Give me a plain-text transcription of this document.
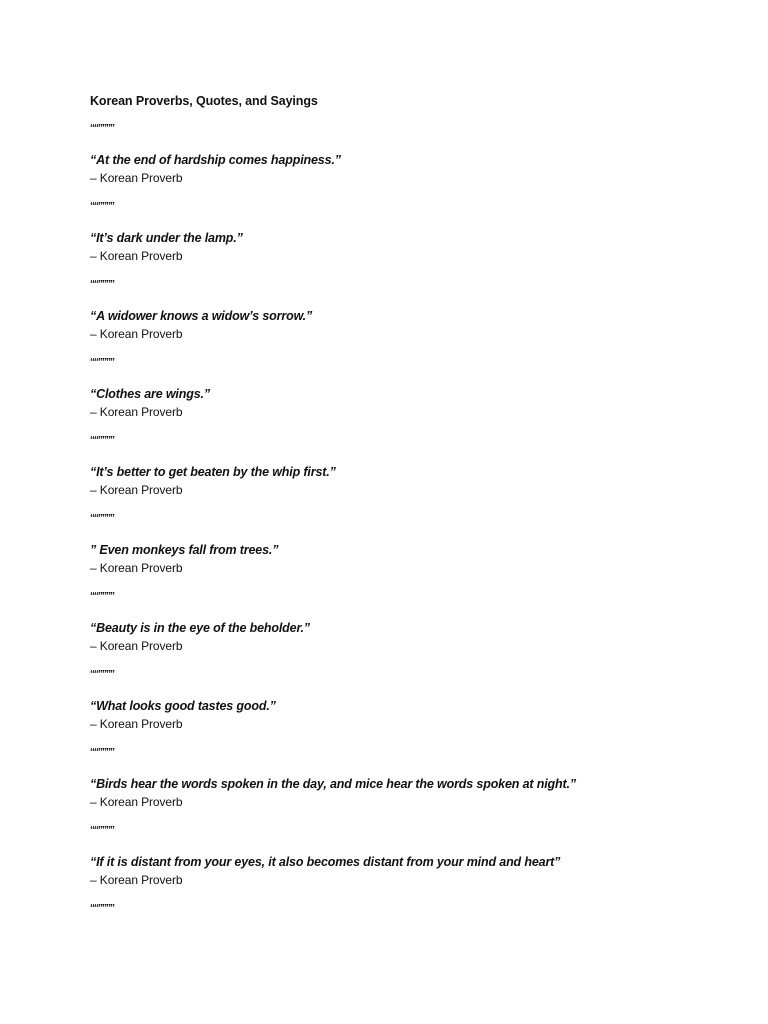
Korean Proverbs, Quotes, and Sayings
““””””
“At the end of hardship comes happiness.”
– Korean Proverb
““””””
“It’s dark under the lamp.”
– Korean Proverb
““””””
“A widower knows a widow’s sorrow.”
– Korean Proverb
““””””
“Clothes are wings.”
– Korean Proverb
““””””
“It’s better to get beaten by the whip first.”
– Korean Proverb
““””””
” Even monkeys fall from trees.”
– Korean Proverb
““””””
“Beauty is in the eye of the beholder.”
– Korean Proverb
““””””
“What looks good tastes good.”
– Korean Proverb
““””””
“Birds hear the words spoken in the day, and mice hear the words spoken at night.”
– Korean Proverb
““””””
“If it is distant from your eyes, it also becomes distant from your mind and heart”
– Korean Proverb
““””””
